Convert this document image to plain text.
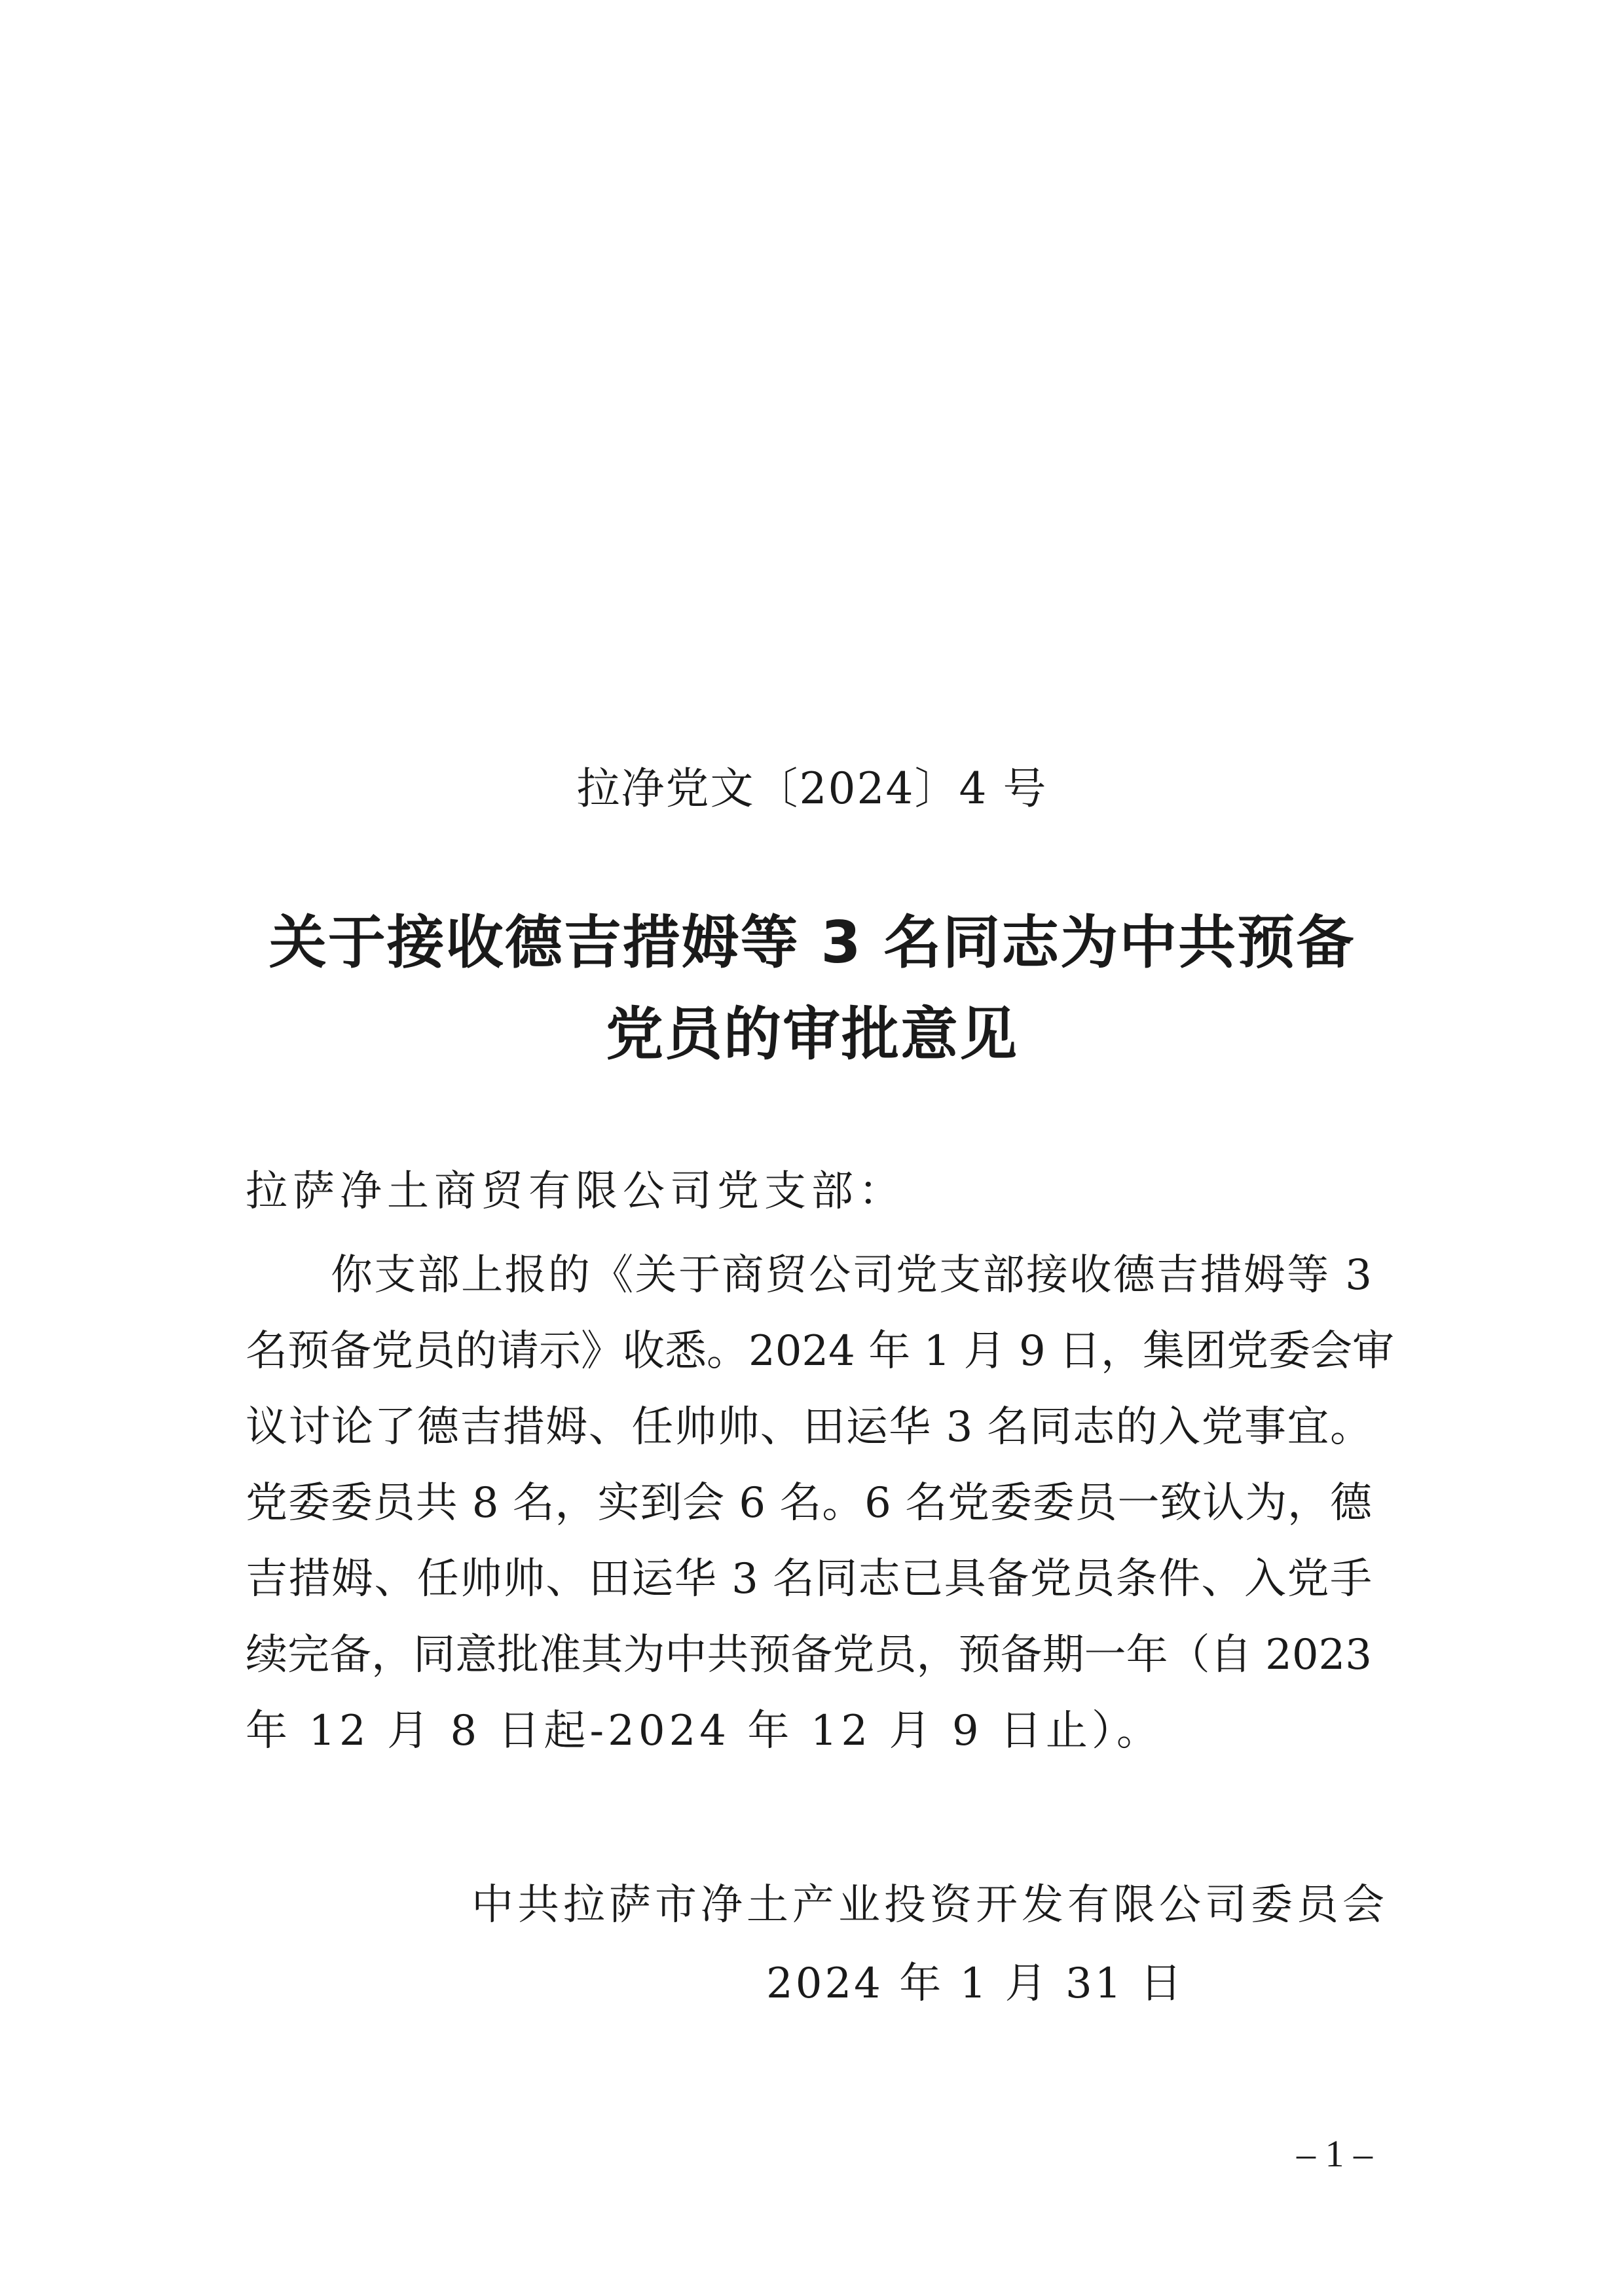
拉净党文〔2024〕4 号
关于接收德吉措姆等 3 名同志为中共预备
党员的审批意见
拉萨净土商贸有限公司党支部：
你支部上报的《关于商贸公司党支部接收德吉措姆等 3
名预备党员的请示》收悉。2024 年 1 月 9 日，集团党委会审
议讨论了德吉措姆、任帅帅、田运华 3 名同志的入党事宜。
党委委员共 8 名，实到会 6 名。6 名党委委员一致认为，德
吉措姆、任帅帅、田运华 3 名同志已具备党员条件、入党手
续完备，同意批准其为中共预备党员，预备期一年（自 2023
年 12 月 8 日起-2024 年 12 月 9 日止）。
中共拉萨市净土产业投资开发有限公司委员会
2024 年 1 月 31 日
– 1 –
